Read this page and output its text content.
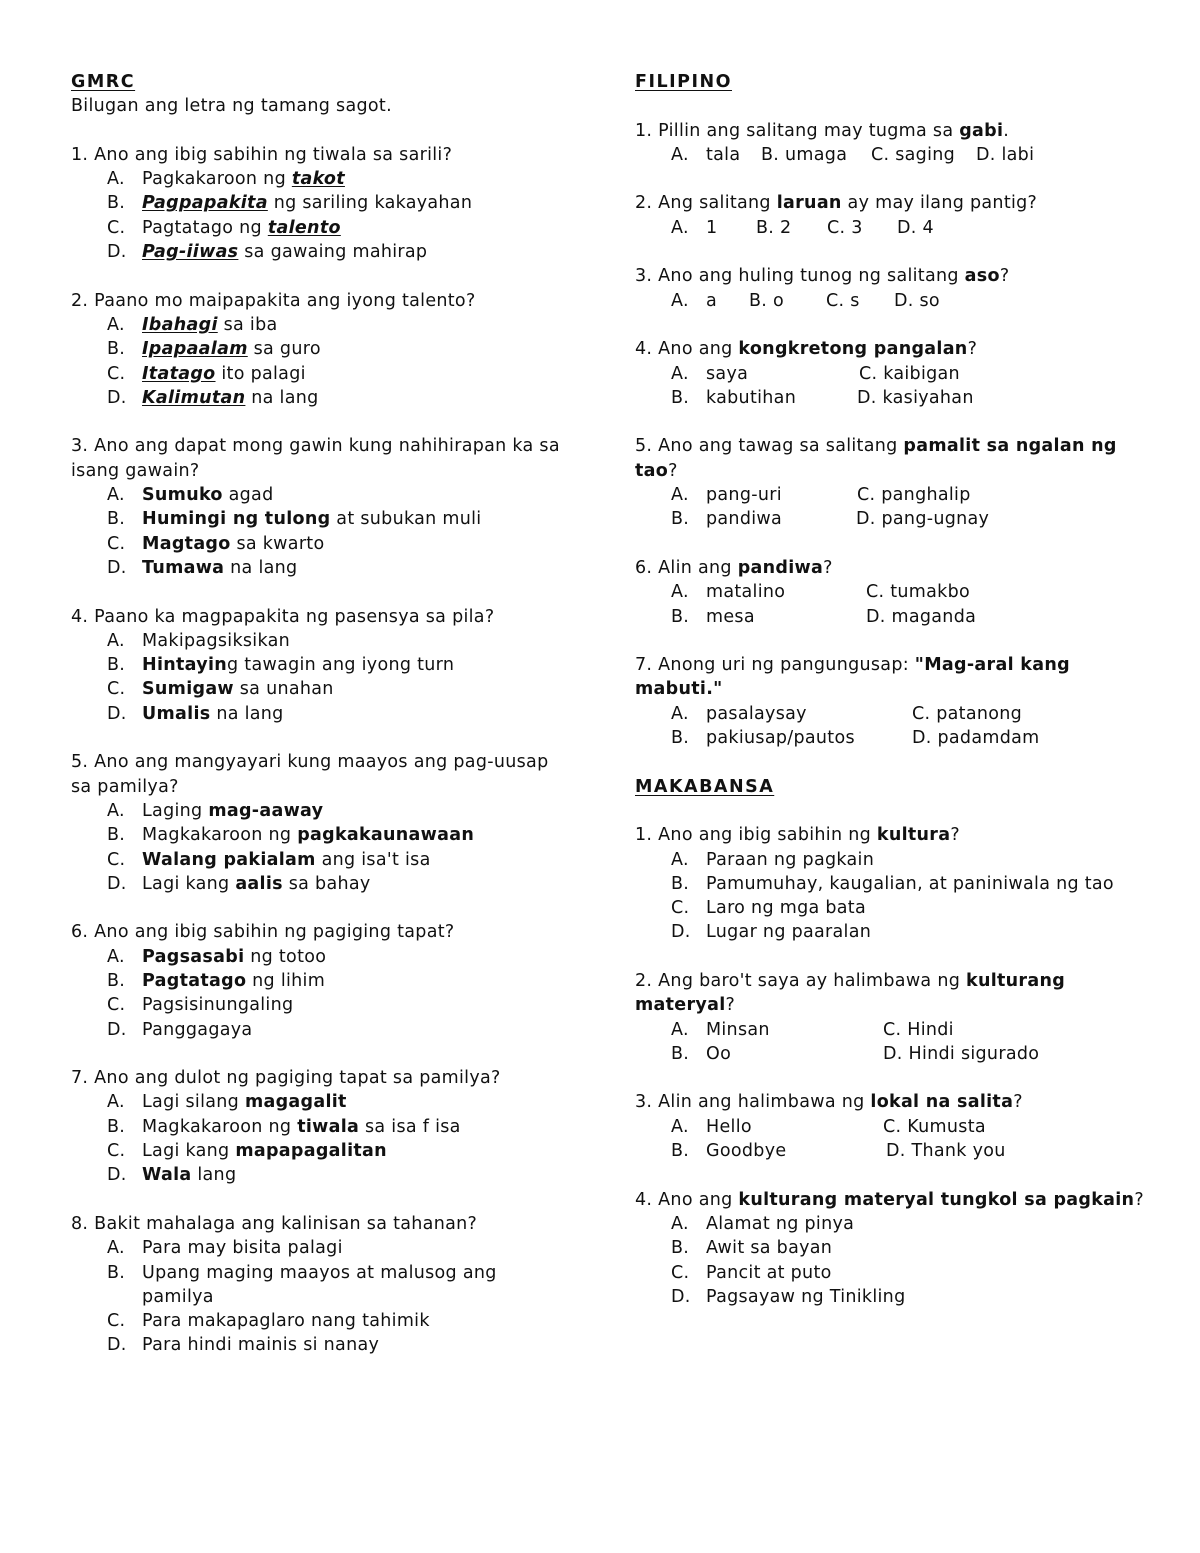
GMRC
Bilugan ang letra ng tamang sagot.
1. Ano ang ibig sabihin ng tiwala sa sarili?
A. Pagkakaroon ng takot
B. Pagpapakita ng sariling kakayahan
C. Pagtatago ng talento
D. Pag-iiwas sa gawaing mahirap
2. Paano mo maipapakita ang iyong talento?
A. Ibahagi sa iba
B. Ipapaalam sa guro
C. Itatago ito palagi
D. Kalimutan na lang
3. Ano ang dapat mong gawin kung nahihirapan ka sa isang gawain?
A. Sumuko agad
B. Humingi ng tulong at subukan muli
C. Magtago sa kwarto
D. Tumawa na lang
4. Paano ka magpapakita ng pasensya sa pila?
A. Makipagsiksikan
B. Hintaying tawagin ang iyong turn
C. Sumigaw sa unahan
D. Umalis na lang
5. Ano ang mangyayari kung maayos ang pag-uusap sa pamilya?
A. Laging mag-aaway
B. Magkakaroon ng pagkakaunawaan
C. Walang pakialam ang isa't isa
D. Lagi kang aalis sa bahay
6. Ano ang ibig sabihin ng pagiging tapat?
A. Pagsasabi ng totoo
B. Pagtatago ng lihim
C. Pagsisinungaling
D. Panggagaya
7. Ano ang dulot ng pagiging tapat sa pamilya?
A. Lagi silang magagalit
B. Magkakaroon ng tiwala sa isa f isa
C. Lagi kang mapapagalitan
D. Wala lang
8. Bakit mahalaga ang kalinisan sa tahanan?
A. Para may bisita palagi
B. Upang maging maayos at malusog ang pamilya
C. Para makapaglaro nang tahimik
D. Para hindi mainis si nanay
FILIPINO
1. Pillin ang salitang may tugma sa gabi.
A. tala	B. umaga	C. saging	D. labi
2. Ang salitang laruan ay may ilang pantig?
A. 1	B. 2	C. 3	D. 4
3. Ano ang huling tunog ng salitang aso?
A. a	B. o	C. s	D. so
4. Ano ang kongkretong pangalan?
A. saya	C. kaibigan
B. kabutihan	D. kasiyahan
5. Ano ang tawag sa salitang pamalit sa ngalan ng tao?
A. pang-uri	C. panghalip
B. pandiwa	D. pang-ugnay
6. Alin ang pandiwa?
A. matalino	C. tumakbo
B. mesa	D. maganda
7. Anong uri ng pangungusap: "Mag-aral kang mabuti."
A. pasalaysay	C. patanong
B. pakiusap/pautos	D. padamdam
MAKABANSA
1. Ano ang ibig sabihin ng kultura?
A. Paraan ng pagkain
B. Pamumuhay, kaugalian, at paniniwala ng tao
C. Laro ng mga bata
D. Lugar ng paaralan
2. Ang baro't saya ay halimbawa ng kulturang materyal?
A. Minsan	C. Hindi
B. Oo	D. Hindi sigurado
3. Alin ang halimbawa ng lokal na salita?
A. Hello	C. Kumusta
B. Goodbye	D. Thank you
4. Ano ang kulturang materyal tungkol sa pagkain?
A. Alamat ng pinya
B. Awit sa bayan
C. Pancit at puto
D. Pagsayaw ng Tinikling
